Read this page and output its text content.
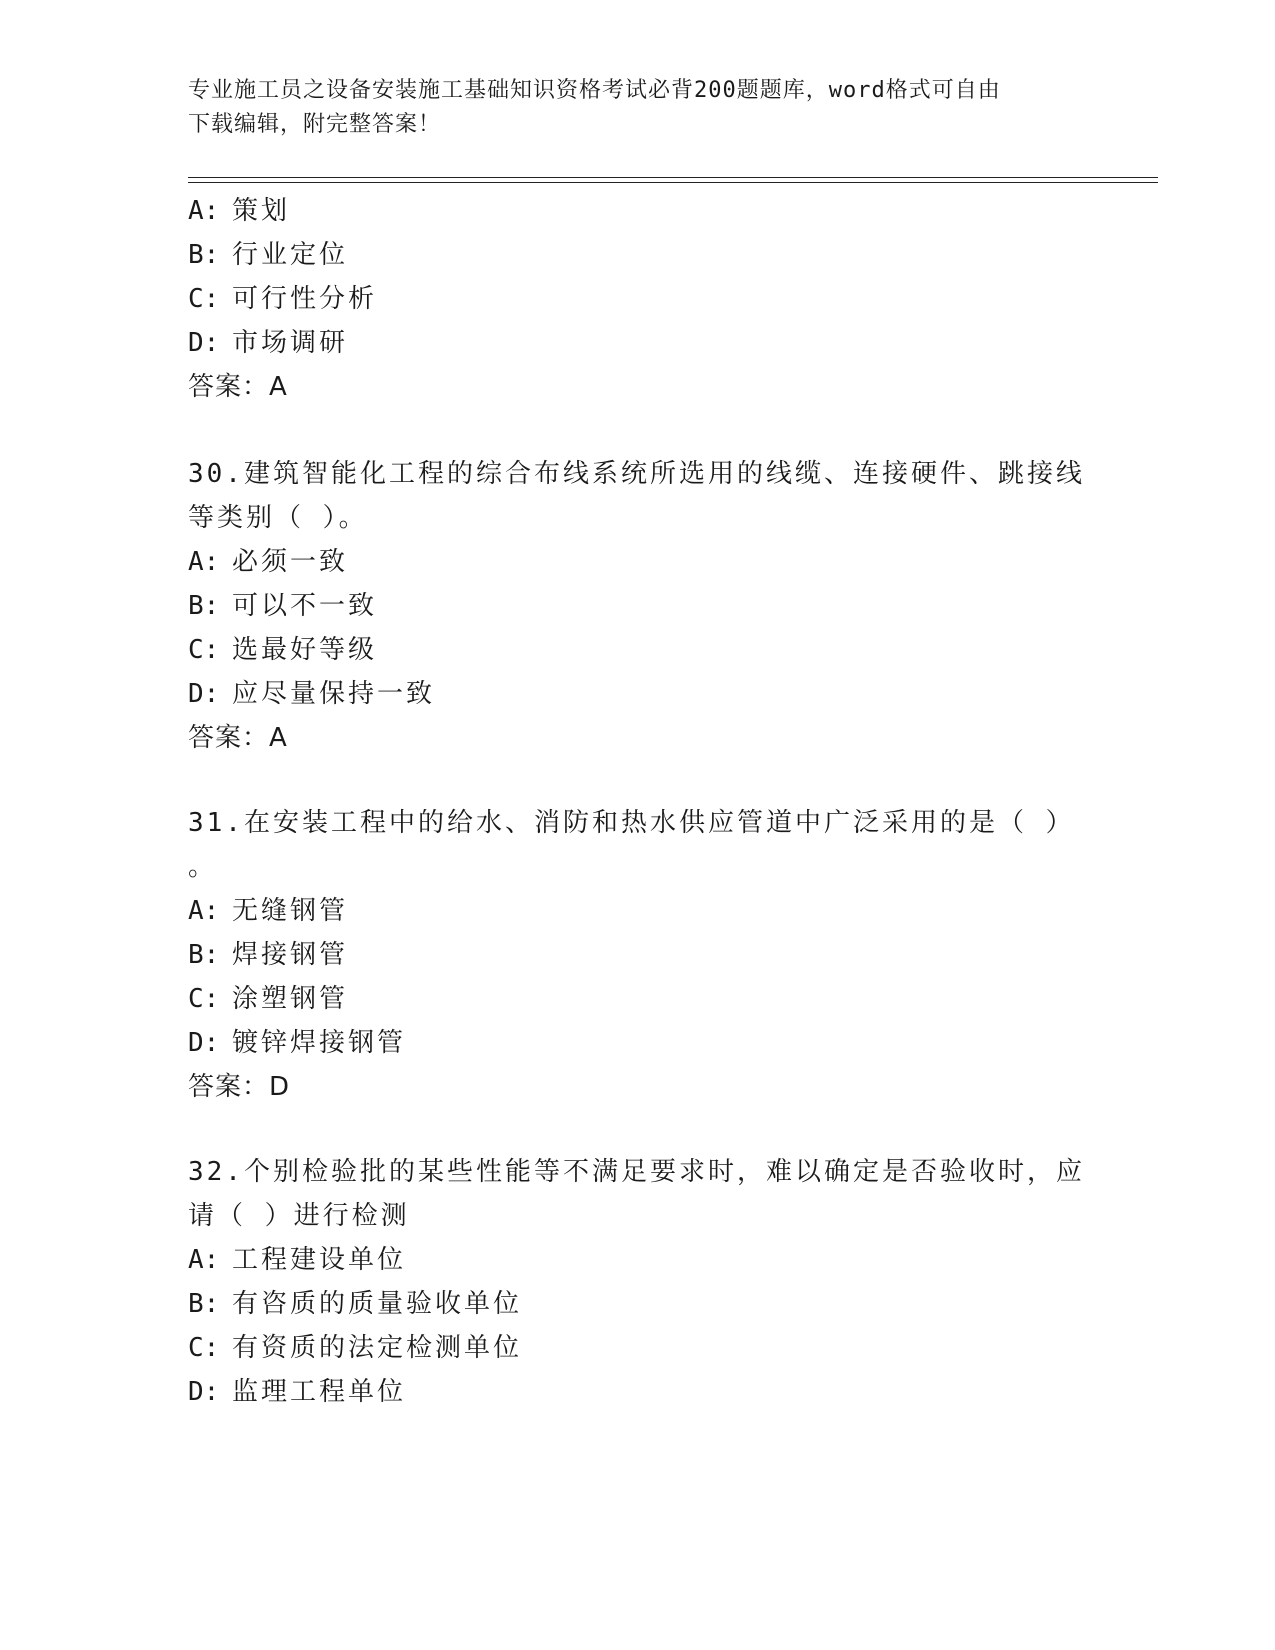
专业施工员之设备安装施工基础知识资格考试必背200题题库，word格式可自由
下载编辑，附完整答案！
A: 策划
B: 行业定位
C: 可行性分析
D: 市场调研
答案：A
30.建筑智能化工程的综合布线系统所选用的线缆、连接硬件、跳接线
等类别（ ）。
A: 必须一致
B: 可以不一致
C: 选最好等级
D: 应尽量保持一致
答案：A
31.在安装工程中的给水、消防和热水供应管道中广泛采用的是（ ）
。
A: 无缝钢管
B: 焊接钢管
C: 涂塑钢管
D: 镀锌焊接钢管
答案：D
32.个别检验批的某些性能等不满足要求时，难以确定是否验收时，应
请（ ）进行检测
A: 工程建设单位
B: 有咨质的质量验收单位
C: 有资质的法定检测单位
D: 监理工程单位
